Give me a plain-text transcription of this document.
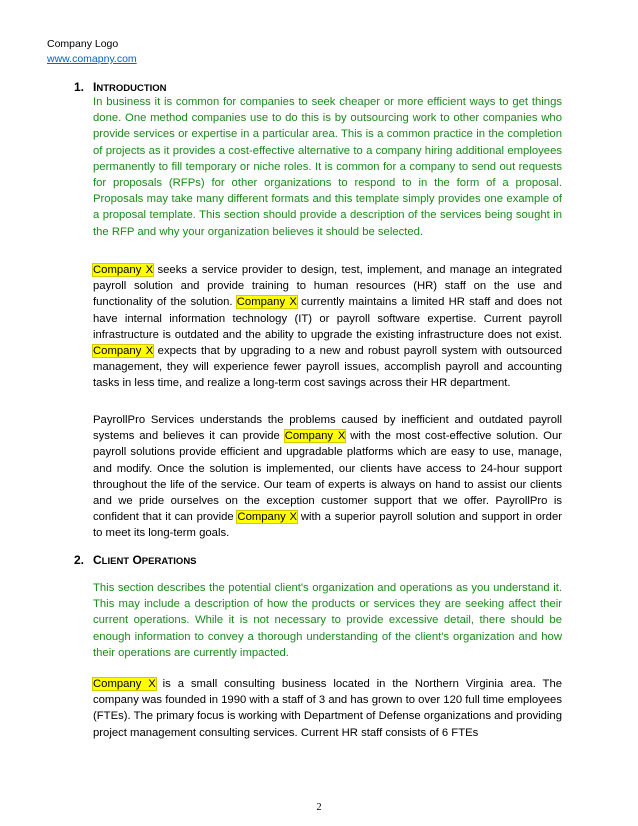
Company Logo
www.comapny.com
1. INTRODUCTION

In business it is common for companies to seek cheaper or more efficient ways to get things done. One method companies use to do this is by outsourcing work to other companies who provide services or expertise in a particular area. This is a common practice in the completion of projects as it provides a cost-effective alternative to a company hiring additional employees permanently to fill temporary or niche roles. It is common for a company to send out requests for proposals (RFPs) for other organizations to respond to in the form of a proposal. Proposals may take many different formats and this template simply provides one example of a proposal template. This section should provide a description of the services being sought in the RFP and why your organization believes it should be selected.

Company X seeks a service provider to design, test, implement, and manage an integrated payroll solution and provide training to human resources (HR) staff on the use and functionality of the solution. Company X currently maintains a limited HR staff and does not have internal information technology (IT) or payroll software expertise. Current payroll infrastructure is outdated and the ability to upgrade the existing infrastructure does not exist. Company X expects that by upgrading to a new and robust payroll system with outsourced management, they will experience fewer payroll issues, accomplish payroll and accounting tasks in less time, and realize a long-term cost savings across their HR department.

PayrollPro Services understands the problems caused by inefficient and outdated payroll systems and believes it can provide Company X with the most cost-effective solution. Our payroll solutions provide efficient and upgradable platforms which are easy to use, manage, and modify. Once the solution is implemented, our clients have access to 24-hour support throughout the life of the service. Our team of experts is always on hand to assist our clients and we pride ourselves on the exception customer support that we offer. PayrollPro is confident that it can provide Company X with a superior payroll solution and support in order to meet its long-term goals.

2. CLIENT OPERATIONS

This section describes the potential client's organization and operations as you understand it. This may include a description of how the products or services they are seeking affect their current operations. While it is not necessary to provide excessive detail, there should be enough information to convey a thorough understanding of the client's organization and how their operations are currently impacted.

Company X is a small consulting business located in the Northern Virginia area. The company was founded in 1990 with a staff of 3 and has grown to over 120 full time employees (FTEs). The primary focus is working with Department of Defense organizations and providing project management consulting services. Current HR staff consists of 6 FTEs

2
